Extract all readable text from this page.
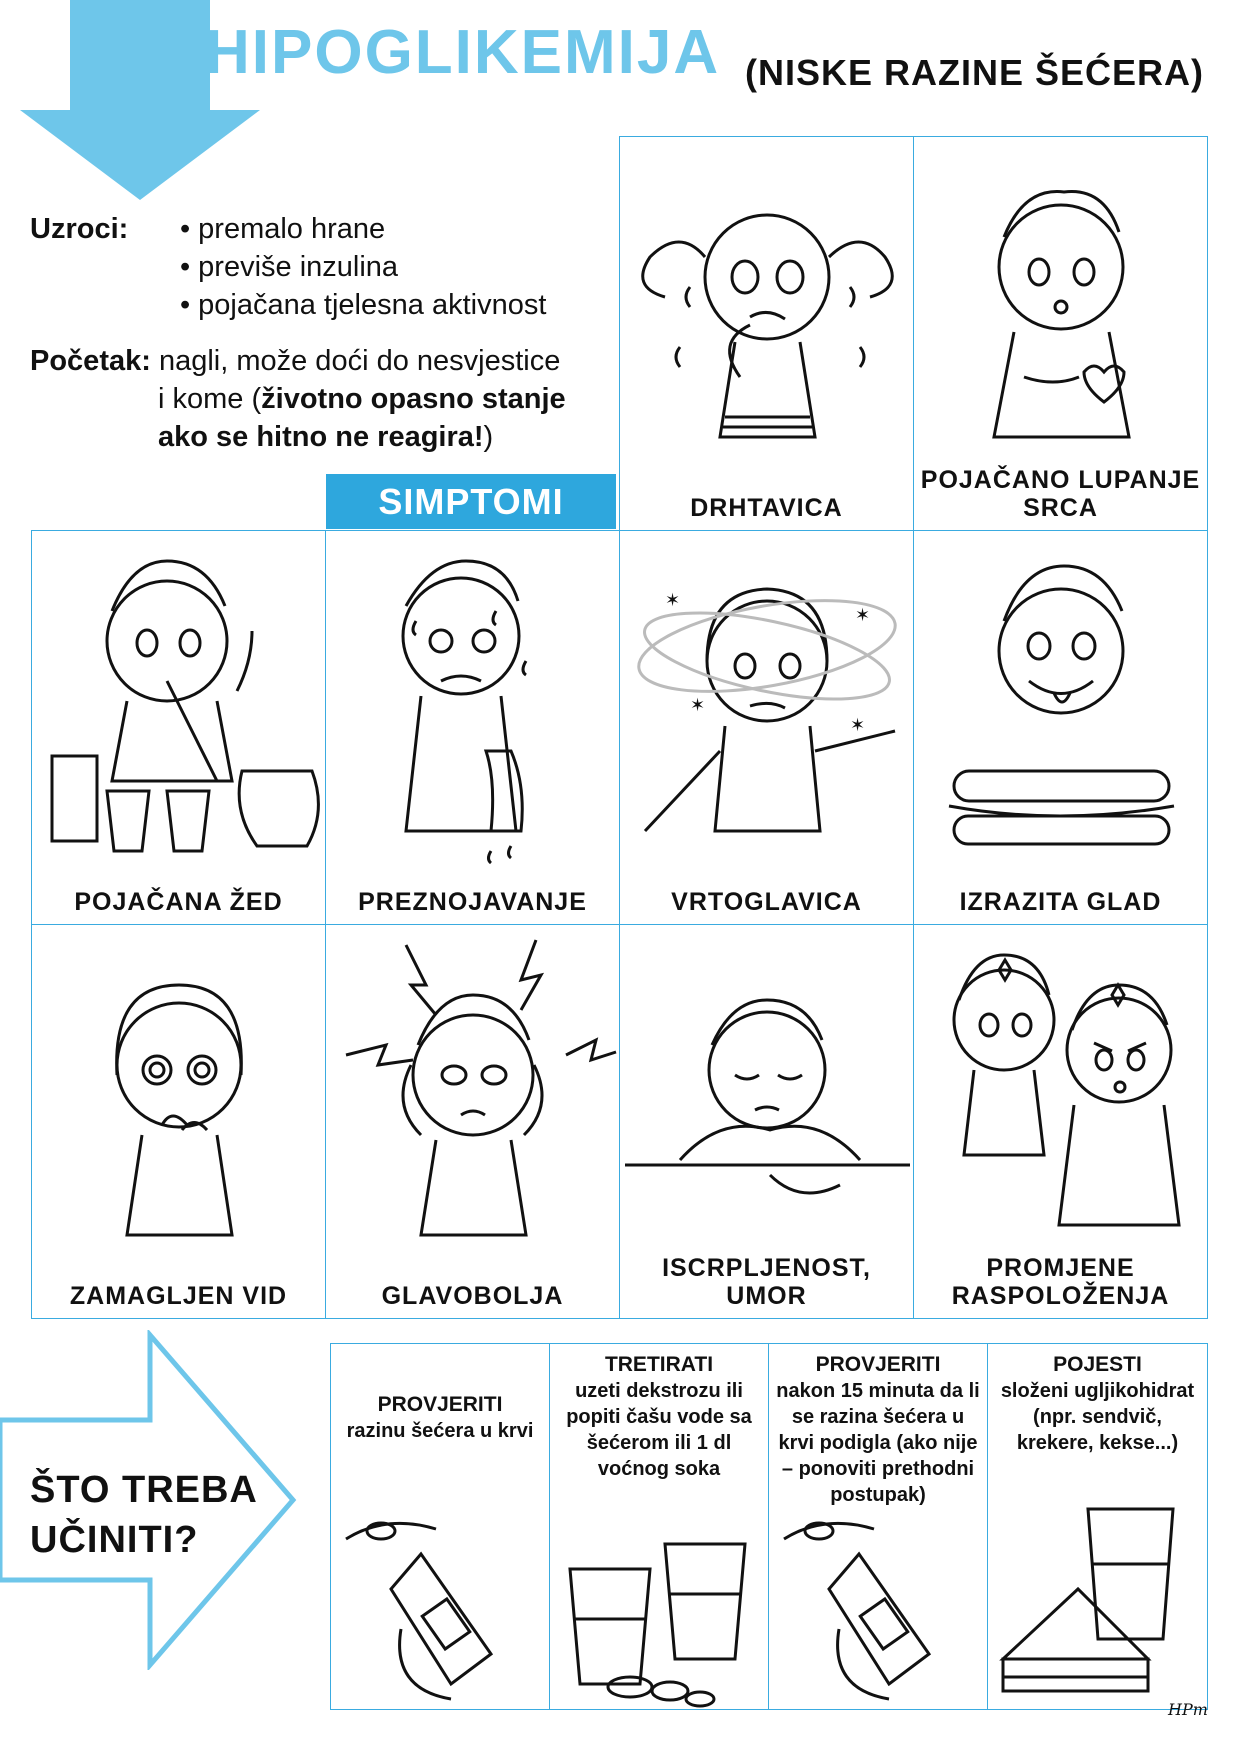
HIPOGLIKEMIJA (NISKE RAZINE ŠEĆERA)
Uzroci:
•	premalo hrane
• previše inzulina
• pojačana tjelesna aktivnost
Početak: nagli, može doći do nesvjestice
i kome (životno opasno stanje
ako se hitno ne reagira!)
SIMPTOMI	DRHTAVICA
POJAČANO LUPANJE SRCA
POJAČANA ŽED	PREZNOJAVANJE
✶
✶
✶
✶
VRTOGLAVICA	IZRAZITA GLAD
ZAMAGLJEN VID	GLAVOBOLJA
ISCRPLJENOST, UMOR
PROMJENE RASPOLOŽENJA
ŠTO TREBA UČINITI?
PROVJERITI
razinu šećera u krvi
TRETIRATI
uzeti dekstrozu ili popiti čašu vode sa šećerom ili 1 dl voćnog soka
PROVJERITI
nakon 15 minuta da li se razina šećera u krvi podigla (ako nije – ponoviti prethodni postupak)
POJESTI
složeni ugljikohidrat (npr. sendvič, krekere, kekse...)
HPm
